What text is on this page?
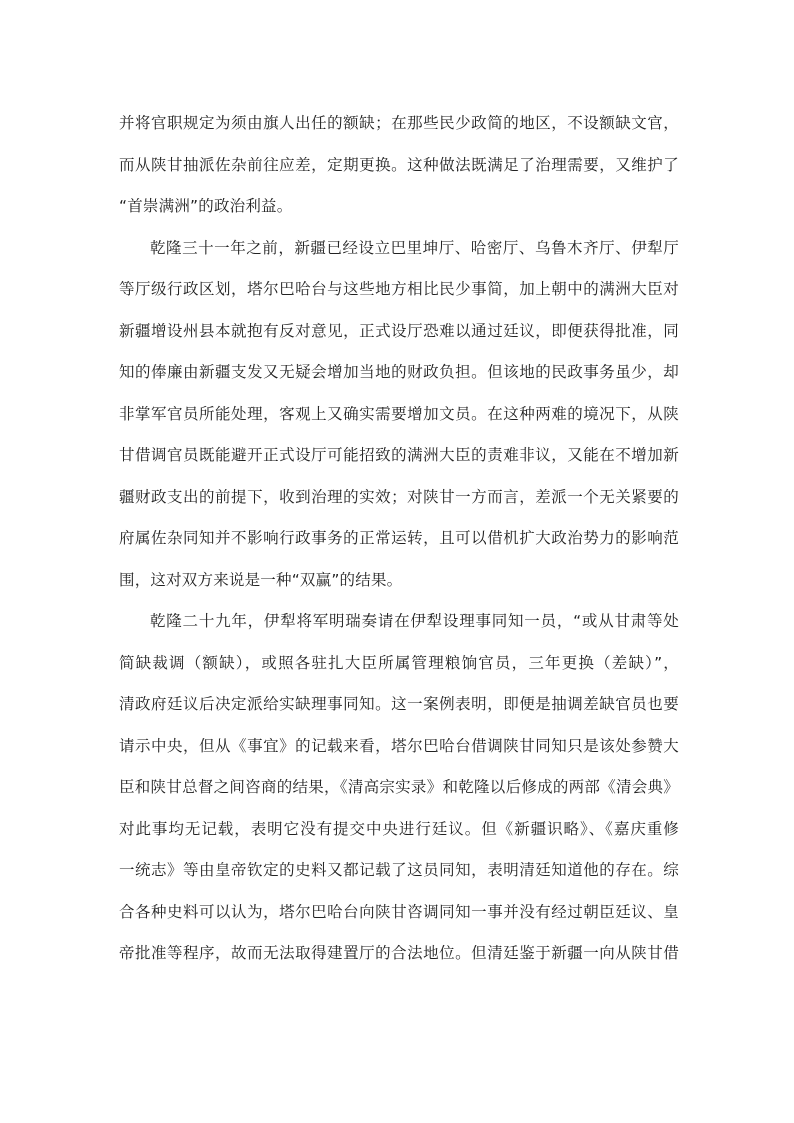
并将官职规定为须由旗人出任的额缺；在那些民少政简的地区，不设额缺文官，
而从陕甘抽派佐杂前往应差，定期更换。这种做法既满足了治理需要，又维护了
“首崇满洲”的政治利益。
乾隆三十一年之前，新疆已经设立巴里坤厅、哈密厅、乌鲁木齐厅、伊犁厅
等厅级行政区划，塔尔巴哈台与这些地方相比民少事简，加上朝中的满洲大臣对
新疆增设州县本就抱有反对意见，正式设厅恐难以通过廷议，即便获得批准，同
知的俸廉由新疆支发又无疑会增加当地的财政负担。但该地的民政事务虽少，却
非掌军官员所能处理，客观上又确实需要增加文员。在这种两难的境况下，从陕
甘借调官员既能避开正式设厅可能招致的满洲大臣的责难非议，又能在不增加新
疆财政支出的前提下，收到治理的实效；对陕甘一方而言，差派一个无关紧要的
府属佐杂同知并不影响行政事务的正常运转，且可以借机扩大政治势力的影响范
围，这对双方来说是一种“双赢”的结果。
乾隆二十九年，伊犁将军明瑞奏请在伊犁设理事同知一员，“或从甘肃等处
简缺裁调（额缺），或照各驻扎大臣所属管理粮饷官员，三年更换（差缺）”，
清政府廷议后决定派给实缺理事同知。这一案例表明，即便是抽调差缺官员也要
请示中央，但从《事宜》的记载来看，塔尔巴哈台借调陕甘同知只是该处参赞大
臣和陕甘总督之间咨商的结果，《清高宗实录》和乾隆以后修成的两部《清会典》
对此事均无记载，表明它没有提交中央进行廷议。但《新疆识略》、《嘉庆重修
一统志》等由皇帝钦定的史料又都记载了这员同知，表明清廷知道他的存在。综
合各种史料可以认为，塔尔巴哈台向陕甘咨调同知一事并没有经过朝臣廷议、皇
帝批准等程序，故而无法取得建置厅的合法地位。但清廷鉴于新疆一向从陕甘借
